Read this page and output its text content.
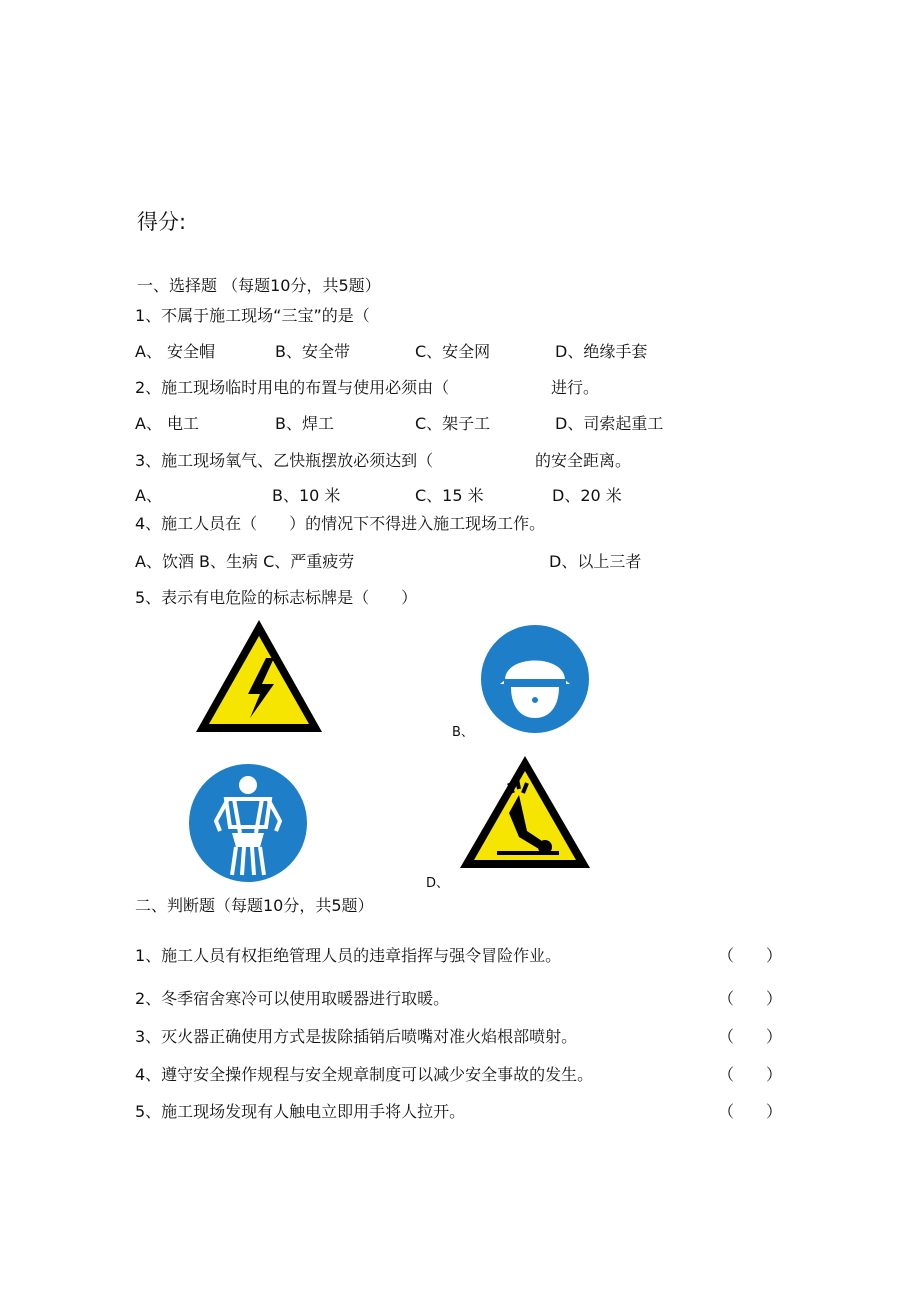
得分:
一、选择题 （每题10分，共5题）
1、不属于施工现场“三宝”的是（
A、 安全帽	B、安全带	C、安全网	D、绝缘手套
2、施工现场临时用电的布置与使用必须由（	进行。
A、 电工	B、焊工	C、架子工	D、司索起重工
3、施工现场氧气、乙快瓶摆放必须达到（	的安全距离。
A、	B、10 米	C、15 米	D、20 米
4、施工人员在（　　）的情况下不得进入施工现场工作。
A、饮酒 B、生病 C、严重疲劳	D、以上三者
5、表示有电危险的标志标牌是（　　）
B、
D、
二、判断题（每题10分，共5题）
1、施工人员有权拒绝管理人员的违章指挥与强令冒险作业。	（　　）
2、冬季宿舍寒冷可以使用取暖器进行取暖。	（　　）
3、灭火器正确使用方式是拔除插销后喷嘴对准火焰根部喷射。	（　　）
4、遵守安全操作规程与安全规章制度可以减少安全事故的发生。	（　　）
5、施工现场发现有人触电立即用手将人拉开。	（　　）
